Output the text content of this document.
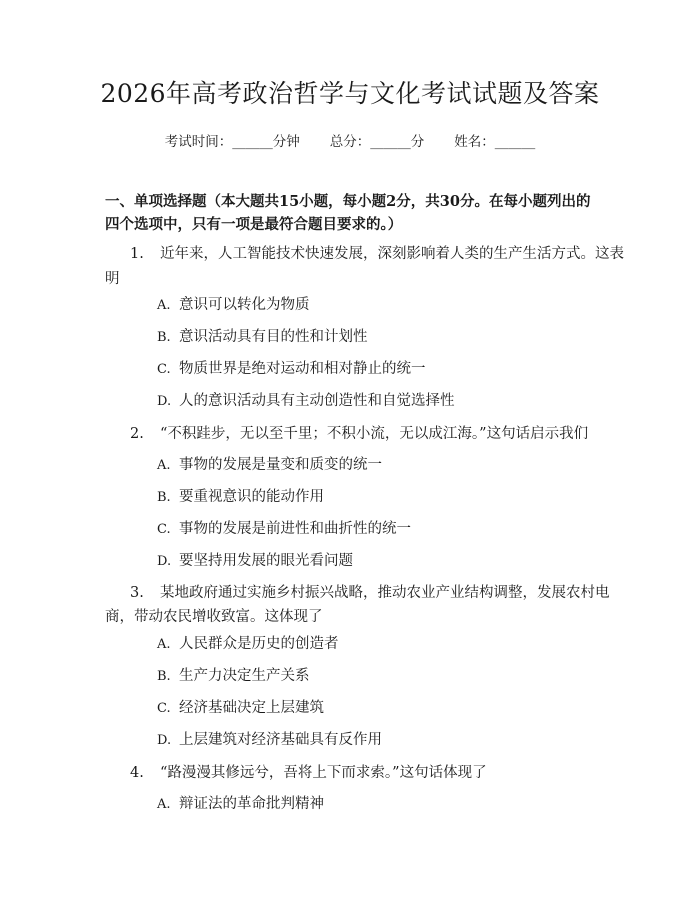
2026年高考政治哲学与文化考试试题及答案
考试时间：______分钟 总分：______分 姓名：______
一、单项选择题（本大题共15小题，每小题2分，共30分。在每小题列出的四个选项中，只有一项是最符合题目要求的。）
1. 近年来，人工智能技术快速发展，深刻影响着人类的生产生活方式。这表
明
A. 意识可以转化为物质
B. 意识活动具有目的性和计划性
C. 物质世界是绝对运动和相对静止的统一
D. 人的意识活动具有主动创造性和自觉选择性
2. “不积跬步，无以至千里；不积小流，无以成江海。”这句话启示我们
A. 事物的发展是量变和质变的统一
B. 要重视意识的能动作用
C. 事物的发展是前进性和曲折性的统一
D. 要坚持用发展的眼光看问题
3. 某地政府通过实施乡村振兴战略，推动农业产业结构调整，发展农村电
商，带动农民增收致富。这体现了
A. 人民群众是历史的创造者
B. 生产力决定生产关系
C. 经济基础决定上层建筑
D. 上层建筑对经济基础具有反作用
4. “路漫漫其修远兮，吾将上下而求索。”这句话体现了
A. 辩证法的革命批判精神
